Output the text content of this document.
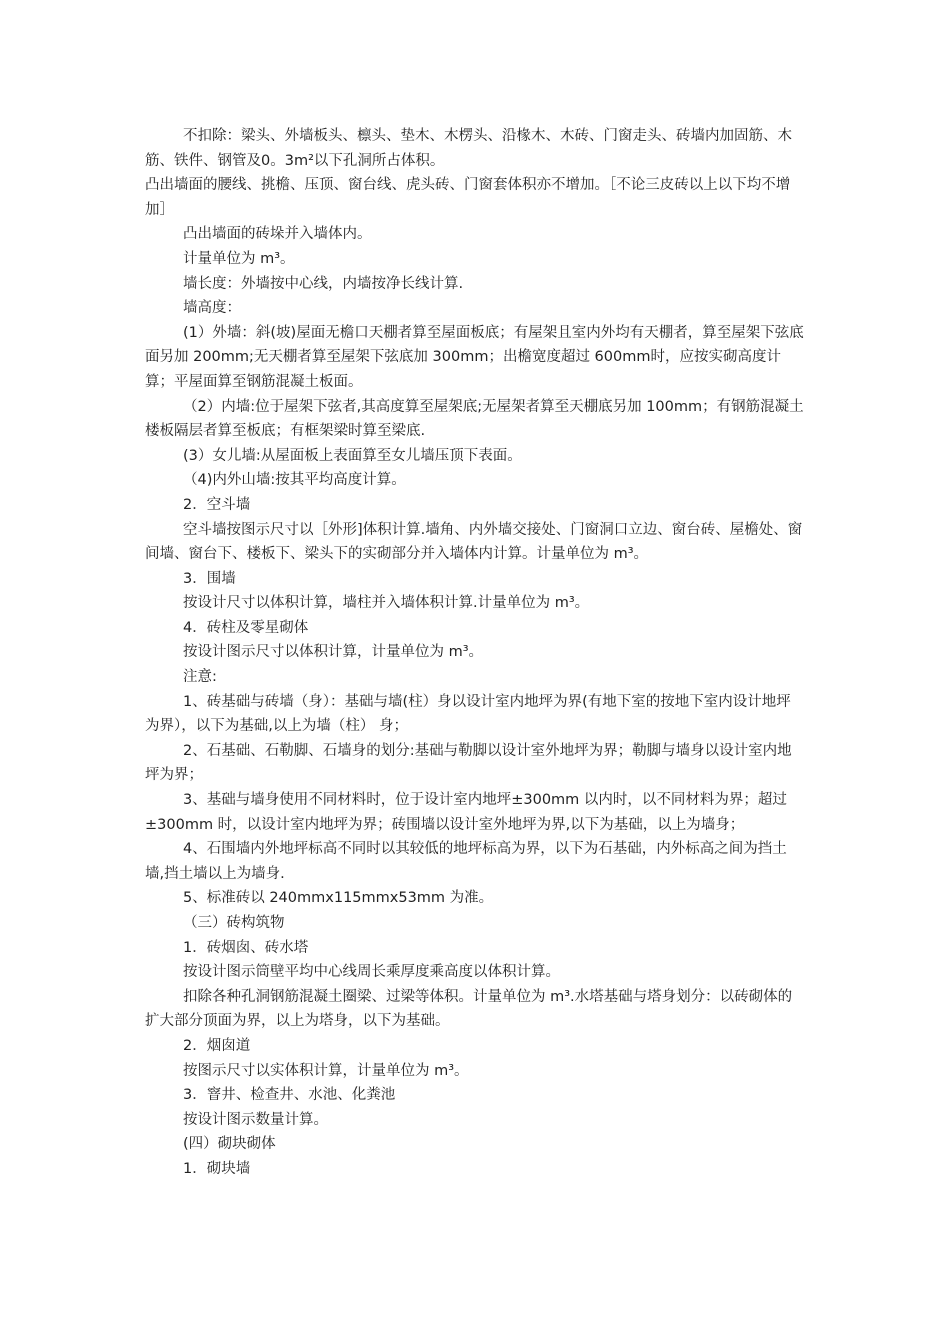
不扣除：梁头、外墙板头、檩头、垫木、木楞头、沿椽木、木砖、门窗走头、砖墙内加固筋、木筋、铁件、钢管及0。3m²以下孔洞所占体积。

凸出墙面的腰线、挑檐、压顶、窗台线、虎头砖、门窗套体积亦不增加。［不论三皮砖以上以下均不增加］

凸出墙面的砖垛并入墙体内。

计量单位为 m³。

墙长度：外墙按中心线，内墙按净长线计算.

墙高度：

(1）外墙：斜(坡)屋面无檐口天棚者算至屋面板底；有屋架且室内外均有天棚者，算至屋架下弦底面另加 200mm;无天棚者算至屋架下弦底加 300mm；出檐宽度超过 600mm时，应按实砌高度计算；平屋面算至钢筋混凝土板面。

（2）内墙:位于屋架下弦者,其高度算至屋架底;无屋架者算至天棚底另加 100mm；有钢筋混凝土楼板隔层者算至板底；有框架梁时算至梁底.

(3）女儿墙:从屋面板上表面算至女儿墙压顶下表面。

（4)内外山墙:按其平均高度计算。

2．空斗墙

空斗墙按图示尺寸以［外形]体积计算.墙角、内外墙交接处、门窗洞口立边、窗台砖、屋檐处、窗间墙、窗台下、楼板下、梁头下的实砌部分并入墙体内计算。计量单位为 m³。

3．围墙

按设计尺寸以体积计算，墙柱并入墙体积计算.计量单位为 m³。

4．砖柱及零星砌体

按设计图示尺寸以体积计算，计量单位为 m³。

注意:

1、砖基础与砖墙（身）：基础与墙(柱）身以设计室内地坪为界(有地下室的按地下室内设计地坪为界），以下为基础,以上为墙（柱） 身；

2、石基础、石勒脚、石墙身的划分:基础与勒脚以设计室外地坪为界；勒脚与墙身以设计室内地坪为界；

3、基础与墙身使用不同材料时，位于设计室内地坪±300mm 以内时，以不同材料为界；超过±300mm 时，以设计室内地坪为界；砖围墙以设计室外地坪为界,以下为基础，以上为墙身；

4、石围墙内外地坪标高不同时以其较低的地坪标高为界，以下为石基础，内外标高之间为挡土墙,挡土墙以上为墙身.

5、标准砖以 240mmx115mmx53mm 为准。

（三）砖构筑物

1．砖烟囱、砖水塔

按设计图示筒壁平均中心线周长乘厚度乘高度以体积计算。

扣除各种孔洞钢筋混凝土圈梁、过梁等体积。计量单位为 m³.水塔基础与塔身划分：以砖砌体的扩大部分顶面为界，以上为塔身，以下为基础。

2．烟囱道

按图示尺寸以实体积计算，计量单位为 m³。

3．窨井、检查井、水池、化粪池

按设计图示数量计算。

(四）砌块砌体

1．砌块墙
